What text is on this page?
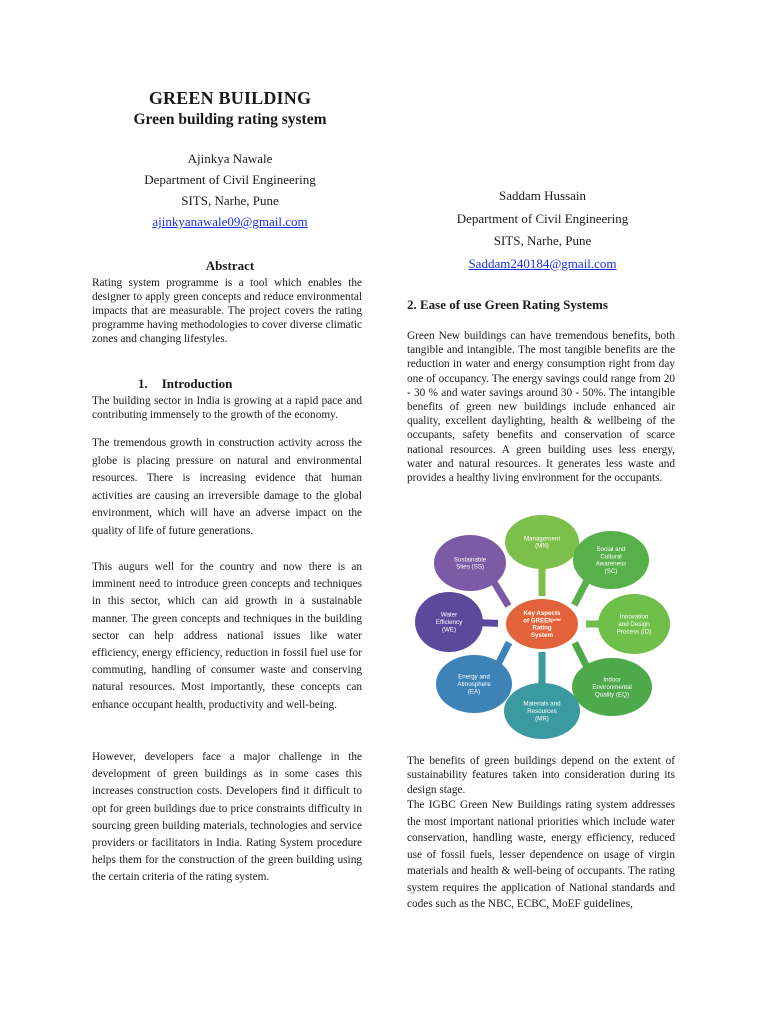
GREEN BUILDING
Green building rating system
Ajinkya Nawale
Department of Civil Engineering
SITS, Narhe, Pune
ajinkyanawale09@gmail.com
Saddam Hussain
Department of Civil Engineering
SITS, Narhe, Pune
Saddam240184@gmail.com
Abstract
Rating system programme is a tool which enables the designer to apply green concepts and reduce environmental impacts that are measurable. The project covers the rating programme having methodologies to cover diverse climatic zones and changing lifestyles.
1. Introduction
The building sector in India is growing at a rapid pace and contributing immensely to the growth of the economy.
The tremendous growth in construction activity across the globe is placing pressure on natural and environmental resources. There is increasing evidence that human activities are causing an irreversible damage to the global environment, which will have an adverse impact on the quality of life of future generations.
This augurs well for the country and now there is an imminent need to introduce green concepts and techniques in this sector, which can aid growth in a sustainable manner. The green concepts and techniques in the building sector can help address national issues like water efficiency, energy efficiency, reduction in fossil fuel use for commuting, handling of consumer waste and conserving natural resources. Most importantly, these concepts can enhance occupant health, productivity and well-being.
However, developers face a major challenge in the development of green buildings as in some cases this increases construction costs. Developers find it difficult to opt for green buildings due to price constraints difficulty in sourcing green building materials, technologies and service providers or facilitators in India. Rating System procedure helps them for the construction of the green building using the certain criteria of the rating system.
2. Ease of use Green Rating Systems
Green New buildings can have tremendous benefits, both tangible and intangible. The most tangible benefits are the reduction in water and energy consumption right from day one of occupancy. The energy savings could range from 20 - 30 % and water savings around 30 - 50%. The intangible benefits of green new buildings include enhanced air quality, excellent daylighting, health & wellbeing of the occupants, safety benefits and conservation of scarce national resources. A green building uses less energy, water and natural resources. It generates less waste and provides a healthy living environment for the occupants.
Management
(MN)	Social and
Cultural
Awareness
(SC)
Innovation
and Design
Process (ID)
Indoor
Environmental
Quality (EQ)
Materials and
Resources
(MR)
Energy and
Atmosphere
(EA)
Water
Efficiency
(WE)
Sustainable
Sites (SS)
Key Aspects
of GREENⁿᵉʷ
Rating
System
The benefits of green buildings depend on the extent of sustainability features taken into consideration during its design stage.
The IGBC Green New Buildings rating system addresses the most important national priorities which include water conservation, handling waste, energy efficiency, reduced use of fossil fuels, lesser dependence on usage of virgin materials and health & well-being of occupants. The rating system requires the application of National standards and codes such as the NBC, ECBC, MoEF guidelines,
